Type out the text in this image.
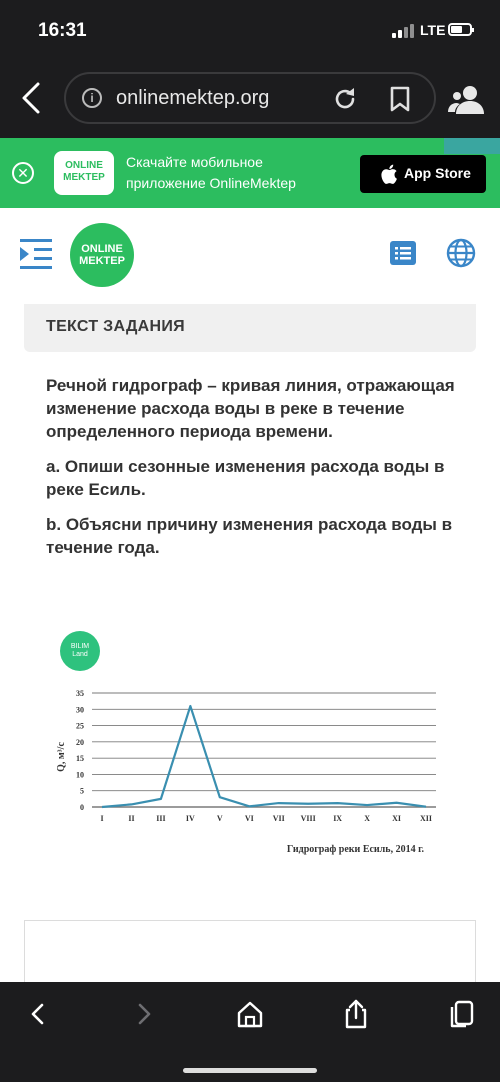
16:31	LTE
i	onlinemektep.org
✕	ONLINE
MEKTEP
Скачайте мобильное
приложение OnlineMektep
App Store
ONLINE
MEKTEP
ТЕКСТ ЗАДАНИЯ

Речной гидрограф – кривая линия, отражающая изменение расхода воды в реке в течение определенного периода времени.

a. Опиши сезонные изменения расхода воды в реке Есиль.

b. Объясни причину изменения расхода воды в течение года.

0
5
10
15
20
25
30
35
I	II	III	IV	V	VI VII VIII IX	X	XI XII
Q, м³/с
Гидрограф реки Есиль, 2014 г.
BILIM
Land
